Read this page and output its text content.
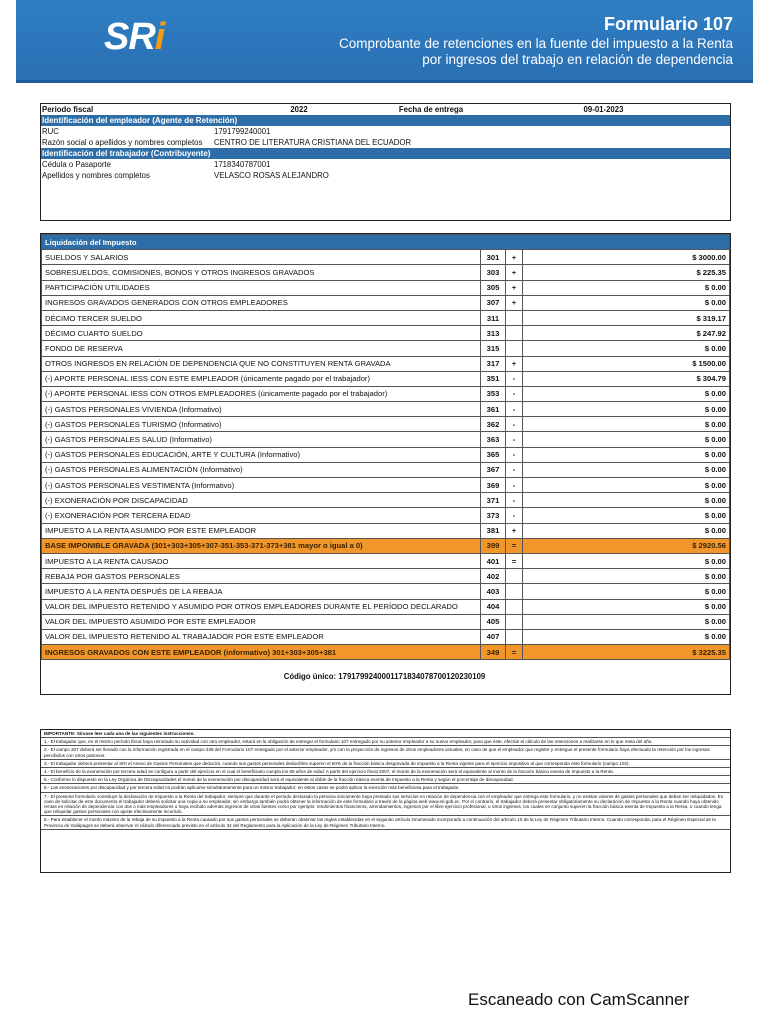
SRi	Formulario 107
Comprobante de retenciones en la fuente del impuesto a la Renta
por ingresos del trabajo en relación de dependencia
Periodo fiscal	2022	Fecha de entrega	09-01-2023
Identificación del empleador (Agente de Retención)			
RUC	1791799240001		
Razón social o apellidos y nombres completos	CENTRO DE LITERATURA CRISTIANA DEL ECUADOR		
Identificación del trabajador (Contribuyente)			
Cédula o Pasaporte	1718340787001		
Apellidos y nombres completos	VELASCO ROSAS ALEJANDRO		
Liquidación del Impuesto			
SUELDOS Y SALARIOS	301	+	$ 3000.00
SOBRESUELDOS, COMISIONES, BONOS Y OTROS INGRESOS GRAVADOS	303	+	$ 225.35
PARTICIPACIÓN UTILIDADES	305	+	$ 0.00
INGRESOS GRAVADOS GENERADOS CON OTROS EMPLEADORES	307	+	$ 0.00
DÉCIMO TERCER SUELDO	311		$ 319.17
DÉCIMO CUARTO SUELDO	313		$ 247.92
FONDO DE RESERVA	315		$ 0.00
OTROS INGRESOS EN RELACIÓN DE DEPENDENCIA QUE NO CONSTITUYEN RENTA GRAVADA	317	+	$ 1500.00
(-) APORTE PERSONAL IESS CON ESTE EMPLEADOR (únicamente pagado por el trabajador)	351	-	$ 304.79
(-) APORTE PERSONAL IESS CON OTROS EMPLEADORES (únicamente pagado por el trabajador)	353	-	$ 0.00
(-) GASTOS PERSONALES VIVIENDA (Informativo)	361	-	$ 0.00
(-) GASTOS PERSONALES TURISMO (Informativo)	362	-	$ 0.00
(-) GASTOS PERSONALES SALUD (Informativo)	363	-	$ 0.00
(-) GASTOS PERSONALES EDUCACIÓN, ARTE Y CULTURA (Informativo)	365	-	$ 0.00
(-) GASTOS PERSONALES ALIMENTACIÓN (Informativo)	367	-	$ 0.00
(-) GASTOS PERSONALES VESTIMENTA (Informativo)	369	-	$ 0.00
(-) EXONERACIÓN POR DISCAPACIDAD	371	-	$ 0.00
(-) EXONERACIÓN POR TERCERA EDAD	373	-	$ 0.00
IMPUESTO A LA RENTA ASUMIDO POR ESTE EMPLEADOR	381	+	$ 0.00
BASE IMPONIBLE GRAVADA (301+303+305+307-351-353-371-373+381 mayor o igual a 0)	399	=	$ 2920.56
IMPUESTO A LA RENTA CAUSADO	401	=	$ 0.00
REBAJA POR GASTOS PERSONALES	402		$ 0.00
IMPUESTO A LA RENTA DESPUÉS DE LA REBAJA	403		$ 0.00
VALOR DEL IMPUESTO RETENIDO Y ASUMIDO POR OTROS EMPLEADORES DURANTE EL PERÍODO DECLARADO	404		$ 0.00
VALOR DEL IMPUESTO ASUMIDO POR ESTE EMPLEADOR	405		$ 0.00
VALOR DEL IMPUESTO RETENIDO AL TRABAJADOR POR ESTE EMPLEADOR	407		$ 0.00
INGRESOS GRAVADOS CON ESTE EMPLEADOR (informativo) 301+303+305+381	349	=	$ 3225.35
Código único: 17917992400011718340787001202301​09
IMPORTANTE: Sírvase leer cada una de las siguientes instrucciones.
1.- El trabajador que, en el mismo período fiscal haya reiniciado su actividad con otro empleador, estará en la obligación de entregar el formulario 107 entregado por su anterior empleador a su nuevo empleador, para que éste, efectúe el cálculo de las retenciones a realizarse en lo que resta del año.
2.- El campo 307 deberá ser llenado con la información registrada en el campo 349 del Formulario 107 entregado por el anterior empleador, y/o con la proyección de ingresos de otros empleadores actuales, en caso de que el empleador que registre y entregue el presente formulario haya efectuado la retención por los ingresos percibidos con otros patronos.
3.- El trabajador deberá presentar al SRI el Anexo de Gastos Personales que deducirá, cuando sus gastos personales deducibles superen el 50% de la fracción básica desgravada de impuesto a la Renta vigente para el ejercicio impositivo al que corresponda este formulario (campo 102).
4.- El beneficio de la exoneración por tercera edad se configura a partir del ejercicio en el cual el beneficiario cumpla los 65 años de edad. A partir del ejercicio fiscal 2007, el monto de la exoneración será el equivalente al monto de la fracción básica exenta de Impuesto a la Renta.
5.- Conforme lo dispuesto en la Ley Orgánica de Discapacidades el monto de la exoneración por discapacidad será el equivalente al doble de la fracción básica exenta de Impuesto a la Renta y según el porcentaje de discapacidad.
6.- Las exoneraciones por discapacidad y por tercera edad no podrán aplicarse simultáneamente para un mismo trabajador; en estos casos se podrá aplicar la exención más beneficiosa para el trabajador.
7.- El presente formulario constituye la declaración de Impuesto a la Renta del trabajador, siempre que durante el período declarado la persona únicamente haya prestado sus servicios en relación de dependencia con el empleador que entrega este formulario, y no existan valores de gastos personales que deban ser reliquidados. En caso de solicitar de este documento el trabajador deberá solicitar una copia a su empleador, sin embargo también podrá obtener la información de este formulario a través de la página web www.sri.gob.ec. Por el contrario, el trabajador deberá presentar obligatoriamente su declaración de Impuesto a la Renta cuando haya obtenido rentas en relación de dependencia con dos o más empleadores o haya recibido además ingresos de otras fuentes como por ejemplo: rendimientos financieros, arrendamientos, ingresos por el libre ejercicio profesional, u otros ingresos, los cuales en conjunto superen la fracción básica exenta de Impuesto a la Renta, o cuando tenga que reliquidar gastos personales con ajuste efectivamente incurrido.
8.- Para establecer el monto máximo de la rebaja de su impuesto a la Renta causado por sus gastos personales se deberán observar las reglas establecidas en el segundo artículo innumerado incorporado a continuación del artículo 10 de la Ley de Régimen Tributario Interno. Cuando corresponda, para el Régimen Especial de la Provincia de Galápagos se deberá observar el cálculo diferenciado previsto en el artículo 34 del Reglamento para la Aplicación de la Ley de Régimen Tributario Interno.
Escaneado con CamScanner
